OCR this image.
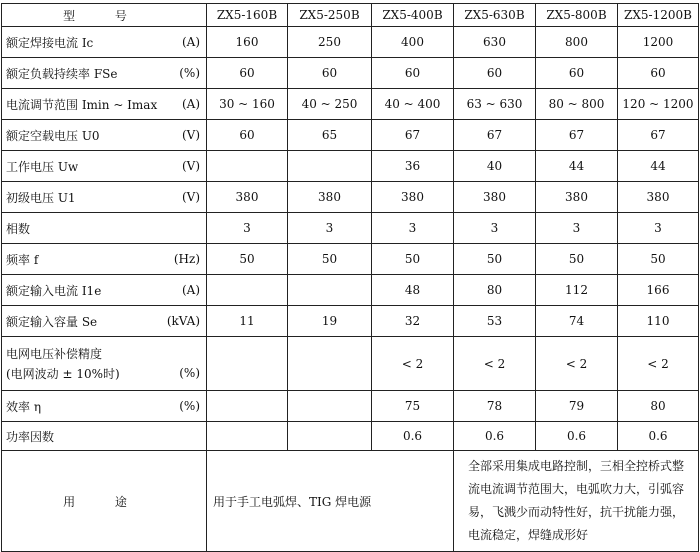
型 号	ZX5-160B	ZX5-250B	ZX5-400B	ZX5-630B	ZX5-800B	ZX5-1200B
额定焊接电流 Ic (A)	160	250	400	630	800	1200
额定负载持续率 FSe (%)	60	60	60	60	60	60
电流调节范围 Imin ~ Imax (A)	30 ~ 160	40 ~ 250	40 ~ 400	63 ~ 630	80 ~ 800	120 ~ 1200
额定空载电压 U0 (V)	60	65	67	67	67	67
工作电压 Uw (V)			36	40	44	44
初级电压 U1 (V)	380	380	380	380	380	380
相数	3	3	3	3	3	3
频率 f (Hz)	50	50	50	50	50	50
额定输入电流 I1e (A)			48	80	112	166
额定输入容量 Se (kVA)	11	19	32	53	74	110

电网电压补偿精度
(电网波动 ± 10%时) (%)			< 2	< 2	< 2	< 2
效率 η (%)			75	78	79	80
功率因数			0.6	0.6	0.6	0.6
用 途	用于手工电弧焊、TIG 焊电源			全部采用集成电路控制，三相全控桥式整流电流调节范围大，电弧吹力大，引弧容易，飞溅少而动特性好，抗干扰能力强，电流稳定，焊缝成形好		
